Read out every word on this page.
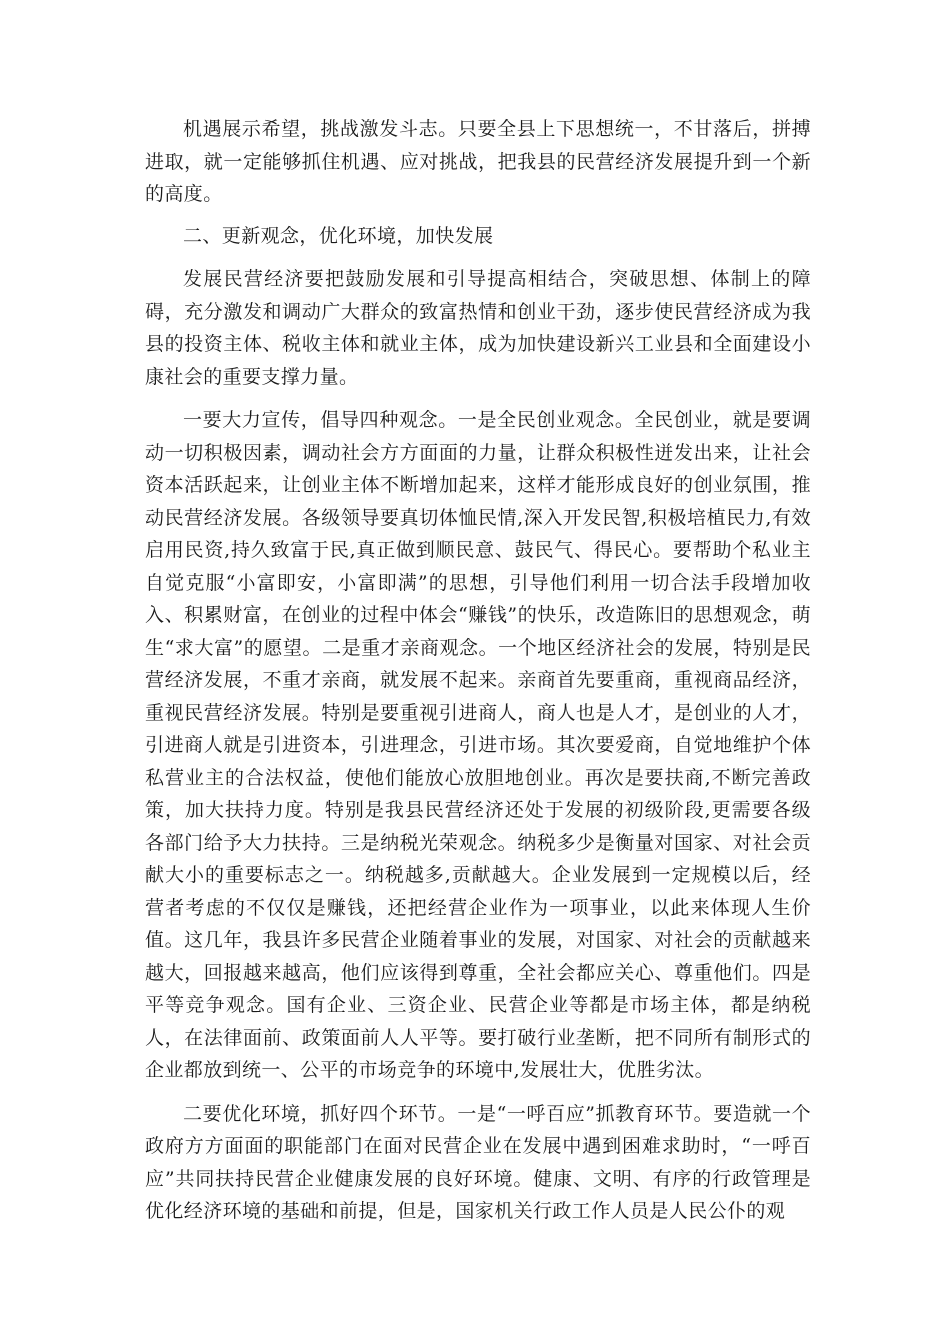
机遇展示希望，挑战激发斗志。只要全县上下思想统一，不甘落后，拼搏进取，就一定能够抓住机遇、应对挑战，把我县的民营经济发展提升到一个新的高度。

二、更新观念，优化环境，加快发展

发展民营经济要把鼓励发展和引导提高相结合，突破思想、体制上的障碍，充分激发和调动广大群众的致富热情和创业干劲，逐步使民营经济成为我县的投资主体、税收主体和就业主体，成为加快建设新兴工业县和全面建设小康社会的重要支撑力量。

一要大力宣传，倡导四种观念。一是全民创业观念。全民创业，就是要调动一切积极因素，调动社会方方面面的力量，让群众积极性迸发出来，让社会资本活跃起来，让创业主体不断增加起来，这样才能形成良好的创业氛围，推动民营经济发展。各级领导要真切体恤民情,深入开发民智,积极培植民力,有效启用民资,持久致富于民,真正做到顺民意、鼓民气、得民心。要帮助个私业主自觉克服“小富即安，小富即满”的思想，引导他们利用一切合法手段增加收入、积累财富，在创业的过程中体会“赚钱”的快乐，改造陈旧的思想观念，萌生“求大富”的愿望。二是重才亲商观念。一个地区经济社会的发展，特别是民营经济发展，不重才亲商，就发展不起来。亲商首先要重商，重视商品经济，重视民营经济发展。特别是要重视引进商人，商人也是人才，是创业的人才，引进商人就是引进资本，引进理念，引进市场。其次要爱商，自觉地维护个体私营业主的合法权益，使他们能放心放胆地创业。再次是要扶商,不断完善政策，加大扶持力度。特别是我县民营经济还处于发展的初级阶段,更需要各级各部门给予大力扶持。三是纳税光荣观念。纳税多少是衡量对国家、对社会贡献大小的重要标志之一。纳税越多,贡献越大。企业发展到一定规模以后，经营者考虑的不仅仅是赚钱，还把经营企业作为一项事业，以此来体现人生价值。这几年，我县许多民营企业随着事业的发展，对国家、对社会的贡献越来越大，回报越来越高，他们应该得到尊重，全社会都应关心、尊重他们。四是平等竞争观念。国有企业、三资企业、民营企业等都是市场主体，都是纳税人，在法律面前、政策面前人人平等。要打破行业垄断，把不同所有制形式的企业都放到统一、公平的市场竞争的环境中,发展壮大，优胜劣汰。

二要优化环境，抓好四个环节。一是“一呼百应”抓教育环节。要造就一个政府方方面面的职能部门在面对民营企业在发展中遇到困难求助时，“一呼百应”共同扶持民营企业健康发展的良好环境。健康、文明、有序的行政管理是优化经济环境的基础和前提，但是，国家机关行政工作人员是人民公仆的观
